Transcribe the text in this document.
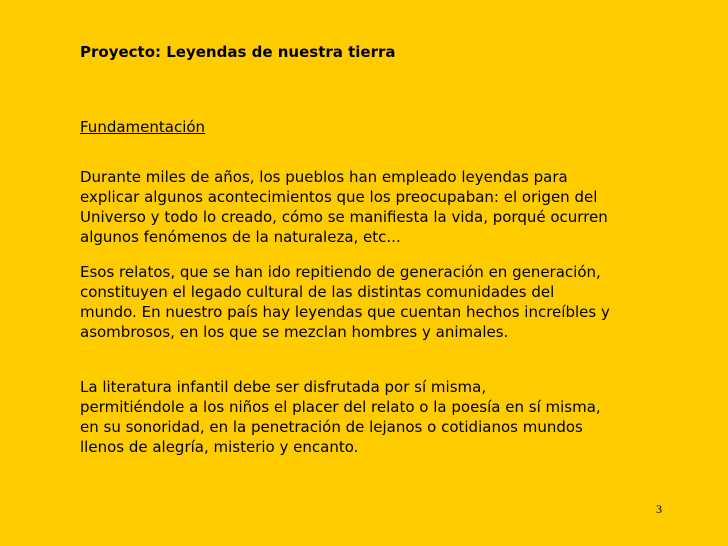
Proyecto: Leyendas de nuestra tierra
Fundamentación

Durante miles de años, los pueblos han empleado leyendas para
explicar algunos acontecimientos que los preocupaban: el origen del
Universo y todo lo creado, cómo se manifiesta la vida, porqué ocurren
algunos fenómenos de la naturaleza, etc...

Esos relatos, que se han ido repitiendo de generación en generación,
constituyen el legado cultural de las distintas comunidades del
mundo. En nuestro país hay leyendas que cuentan hechos increíbles y
asombrosos, en los que se mezclan hombres y animales.

La literatura infantil debe ser disfrutada por sí misma,
permitiéndole a los niños el placer del relato o la poesía en sí misma,
en su sonoridad, en la penetración de lejanos o cotidianos mundos
llenos de alegría, misterio y encanto.

3
